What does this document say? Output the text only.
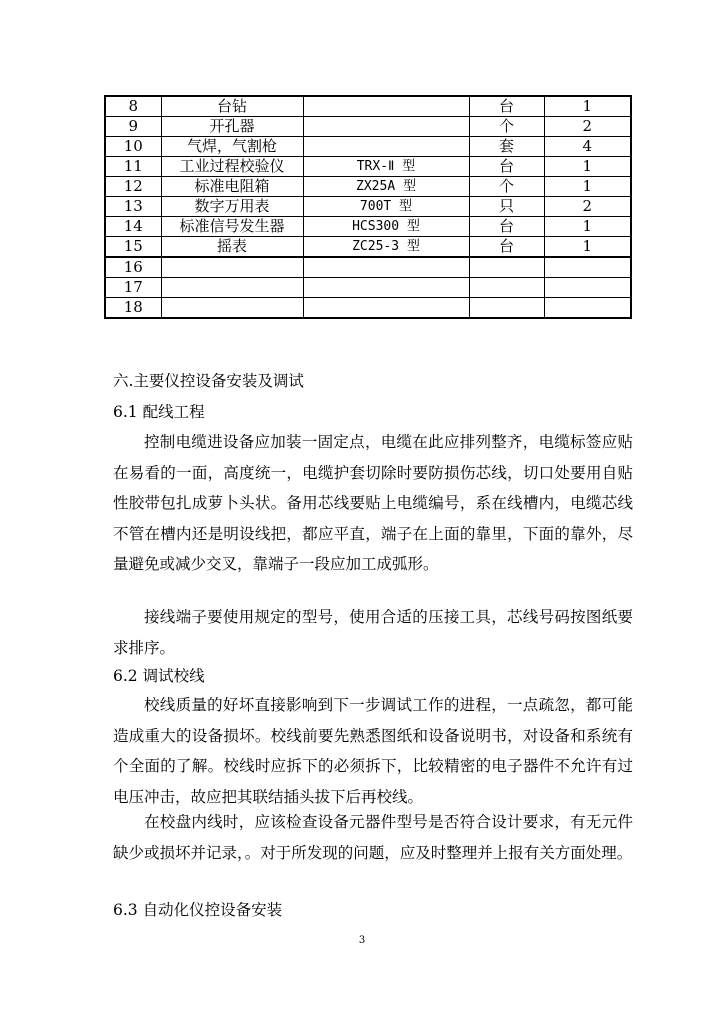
8	台钻		台	1
9	开孔器		个	2
10	气焊，气割枪		套	4
11	工业过程校验仪	TRX-Ⅱ 型	台	1
12	标准电阻箱	ZX25A 型	个	1
13	数字万用表	700T 型	只	2
14	标准信号发生器	HCS300 型	台	1
15	摇表	ZC25-3 型	台	1
16				
17				
18				
六.主要仪控设备安装及调试
6.1 配线工程
控制电缆进设备应加装一固定点，电缆在此应排列整齐，电缆标签应贴在易看的一面，高度统一，电缆护套切除时要防损伤芯线，切口处要用自贴性胶带包扎成萝卜头状。备用芯线要贴上电缆编号，系在线槽内，电缆芯线不管在槽内还是明设线把，都应平直，端子在上面的靠里，下面的靠外，尽量避免或减少交叉，靠端子一段应加工成弧形。
接线端子要使用规定的型号，使用合适的压接工具，芯线号码按图纸要求排序。
6.2 调试校线
校线质量的好坏直接影响到下一步调试工作的进程，一点疏忽，都可能造成重大的设备损坏。校线前要先熟悉图纸和设备说明书，对设备和系统有个全面的了解。校线时应拆下的必须拆下，比较精密的电子器件不允许有过电压冲击，故应把其联结插头拔下后再校线。
在校盘内线时，应该检查设备元器件型号是否符合设计要求，有无元件缺少或损坏并记录，。对于所发现的问题，应及时整理并上报有关方面处理。
6.3 自动化仪控设备安装
3
